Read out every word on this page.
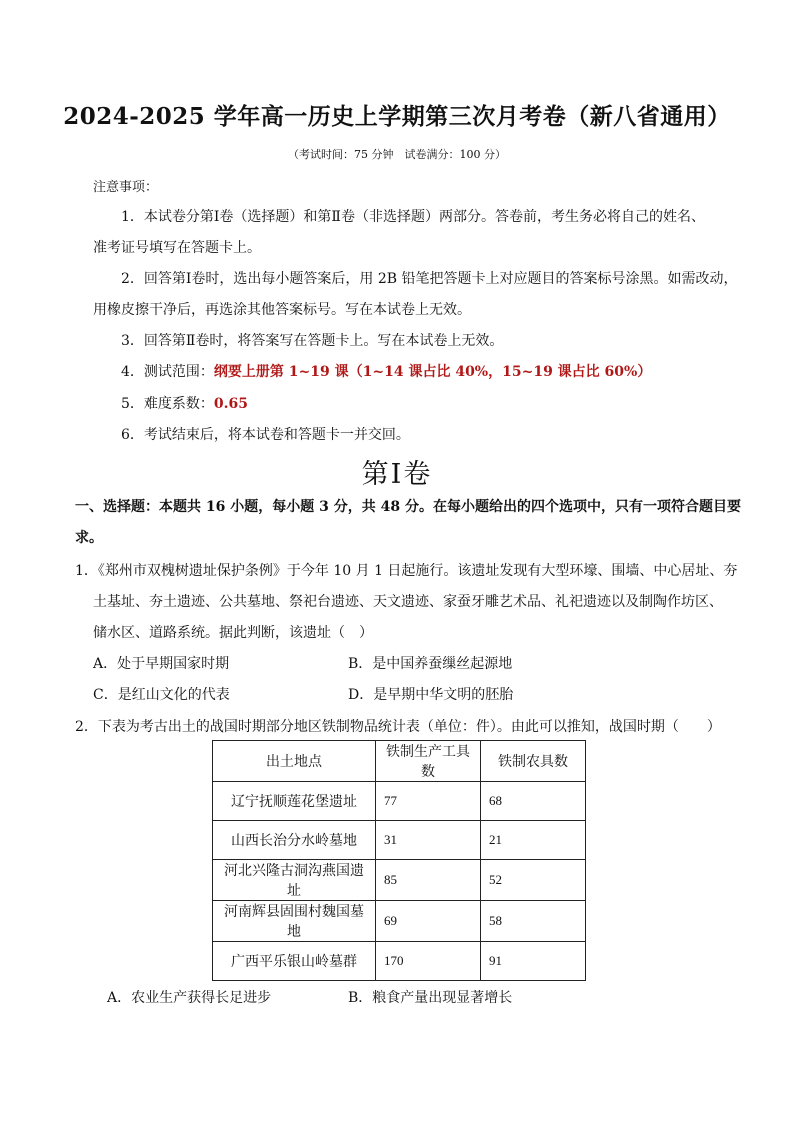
2024-2025 学年高一历史上学期第三次月考卷（新八省通用）
（考试时间：75 分钟　试卷满分：100 分）
注意事项：
1．本试卷分第Ⅰ卷（选择题）和第Ⅱ卷（非选择题）两部分。答卷前，考生务必将自己的姓名、
准考证号填写在答题卡上。
2．回答第Ⅰ卷时，选出每小题答案后，用 2B 铅笔把答题卡上对应题目的答案标号涂黑。如需改动，
用橡皮擦干净后，再选涂其他答案标号。写在本试卷上无效。
3．回答第Ⅱ卷时，将答案写在答题卡上。写在本试卷上无效。
4．测试范围：纲要上册第 1~19 课（1~14 课占比 40%，15~19 课占比 60%）
5．难度系数：0.65
6．考试结束后，将本试卷和答题卡一并交回。
第Ⅰ卷
一、选择题：本题共 16 小题，每小题 3 分，共 48 分。在每小题给出的四个选项中，只有一项符合题目要
求。
1．《郑州市双槐树遗址保护条例》于今年 10 月 1 日起施行。该遗址发现有大型环壕、围墙、中心居址、夯
土基址、夯土遗迹、公共墓地、祭祀台遗迹、天文遗迹、家蚕牙雕艺术品、礼祀遗迹以及制陶作坊区、
储水区、道路系统。据此判断，该遗址（　）
A．处于早期国家时期	B．是中国养蚕缫丝起源地
C．是红山文化的代表	D．是早期中华文明的胚胎
2．下表为考古出土的战国时期部分地区铁制物品统计表（单位：件）。由此可以推知，战国时期（　　）
出土地点	铁制生产工具数	铁制农具数
辽宁抚顺莲花堡遗址	77	68
山西长治分水岭墓地	31	21
河北兴隆古洞沟燕国遗址	85	52
河南辉县固围村魏国墓地	69	58
广西平乐银山岭墓群	170	91
A．农业生产获得长足进步	B．粮食产量出现显著增长
